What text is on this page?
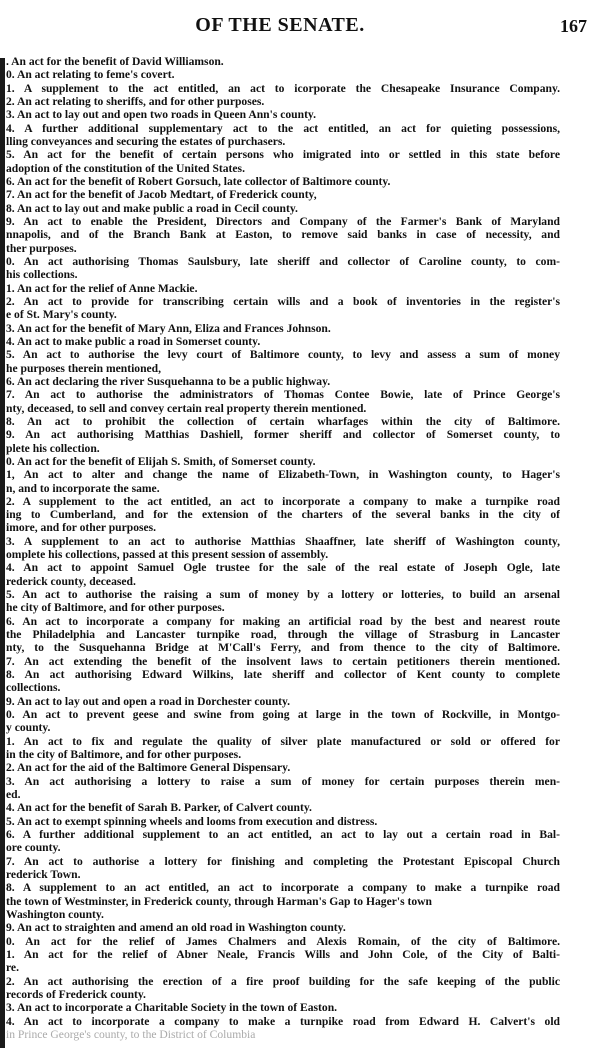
OF THE SENATE.	167
. An act for the benefit of David Williamson.
0. An act relating to feme's covert.
1. A supplement to the act entitled, an act to icorporate the Chesapeake Insurance Company.
2. An act relating to sheriffs, and for other purposes.
3. An act to lay out and open two roads in Queen Ann's county.
4. A further additional supplementary act to the act entitled, an act for quieting possessions,
lling conveyances and securing the estates of purchasers.
5. An act for the benefit of certain persons who imigrated into or settled in this state before
adoption of the constitution of the United States.
6. An act for the benefit of Robert Gorsuch, late collector of Baltimore county.
7. An act for the benefit of Jacob Medtart, of Frederick county,
8. An act to lay out and make public a road in Cecil county.
9. An act to enable the President, Directors and Company of the Farmer's Bank of Maryland
nnapolis, and of the Branch Bank at Easton, to remove said banks in case of necessity, and
ther purposes.
0. An act authorising Thomas Saulsbury, late sheriff and collector of Caroline county, to com-
his collections.
1. An act for the relief of Anne Mackie.
2. An act to provide for transcribing certain wills and a book of inventories in the register's
e of St. Mary's county.
3. An act for the benefit of Mary Ann, Eliza and Frances Johnson.
4. An act to make public a road in Somerset county.
5. An act to authorise the levy court of Baltimore county, to levy and assess a sum of money
he purposes therein mentioned,
6. An act declaring the river Susquehanna to be a public highway.
7. An act to authorise the administrators of Thomas Contee Bowie, late of Prince George's
nty, deceased, to sell and convey certain real property therein mentioned.
8. An act to prohibit the collection of certain wharfages within the city of Baltimore.
9. An act authorising Matthias Dashiell, former sheriff and collector of Somerset county, to
plete his collection.
0. An act for the benefit of Elijah S. Smith, of Somerset county.
1, An act to alter and change the name of Elizabeth-Town, in Washington county, to Hager's
n, and to incorporate the same.
2. A supplement to the act entitled, an act to incorporate a company to make a turnpike road
ing to Cumberland, and for the extension of the charters of the several banks in the city of
imore, and for other purposes.
3. A supplement to an act to authorise Matthias Shaaffner, late sheriff of Washington county,
omplete his collections, passed at this present session of assembly.
4. An act to appoint Samuel Ogle trustee for the sale of the real estate of Joseph Ogle, late
rederick county, deceased.
5. An act to authorise the raising a sum of money by a lottery or lotteries, to build an arsenal
he city of Baltimore, and for other purposes.
6. An act to incorporate a company for making an artificial road by the best and nearest route
the Philadelphia and Lancaster turnpike road, through the village of Strasburg in Lancaster
nty, to the Susquehanna Bridge at M'Call's Ferry, and from thence to the city of Baltimore.
7. An act extending the benefit of the insolvent laws to certain petitioners therein mentioned.
8. An act authorising Edward Wilkins, late sheriff and collector of Kent county to complete
collections.
9. An act to lay out and open a road in Dorchester county.
0. An act to prevent geese and swine from going at large in the town of Rockville, in Montgo-
y county.
1. An act to fix and regulate the quality of silver plate manufactured or sold or offered for
in the city of Baltimore, and for other purposes.
2. An act for the aid of the Baltimore General Dispensary.
3. An act authorising a lottery to raise a sum of money for certain purposes therein men-
ed.
4. An act for the benefit of Sarah B. Parker, of Calvert county.
5. An act to exempt spinning wheels and looms from execution and distress.
6. A further additional supplement to an act entitled, an act to lay out a certain road in Bal-
ore county.
7. An act to authorise a lottery for finishing and completing the Protestant Episcopal Church
rederick Town.
8. A supplement to an act entitled, an act to incorporate a company to make a turnpike road
the town of Westminster, in Frederick county, through Harman's Gap to Hager's town
Washington county.
9. An act to straighten and amend an old road in Washington county.
0. An act for the relief of James Chalmers and Alexis Romain, of the city of Baltimore.
1. An act for the relief of Abner Neale, Francis Wills and John Cole, of the City of Balti-
re.
2. An act authorising the erection of a fire proof building for the safe keeping of the public
records of Frederick county.
3. An act to incorporate a Charitable Society in the town of Easton.
4. An act to incorporate a company to make a turnpike road from Edward H. Calvert's old
in Prince George's county, to the District of Columbia
